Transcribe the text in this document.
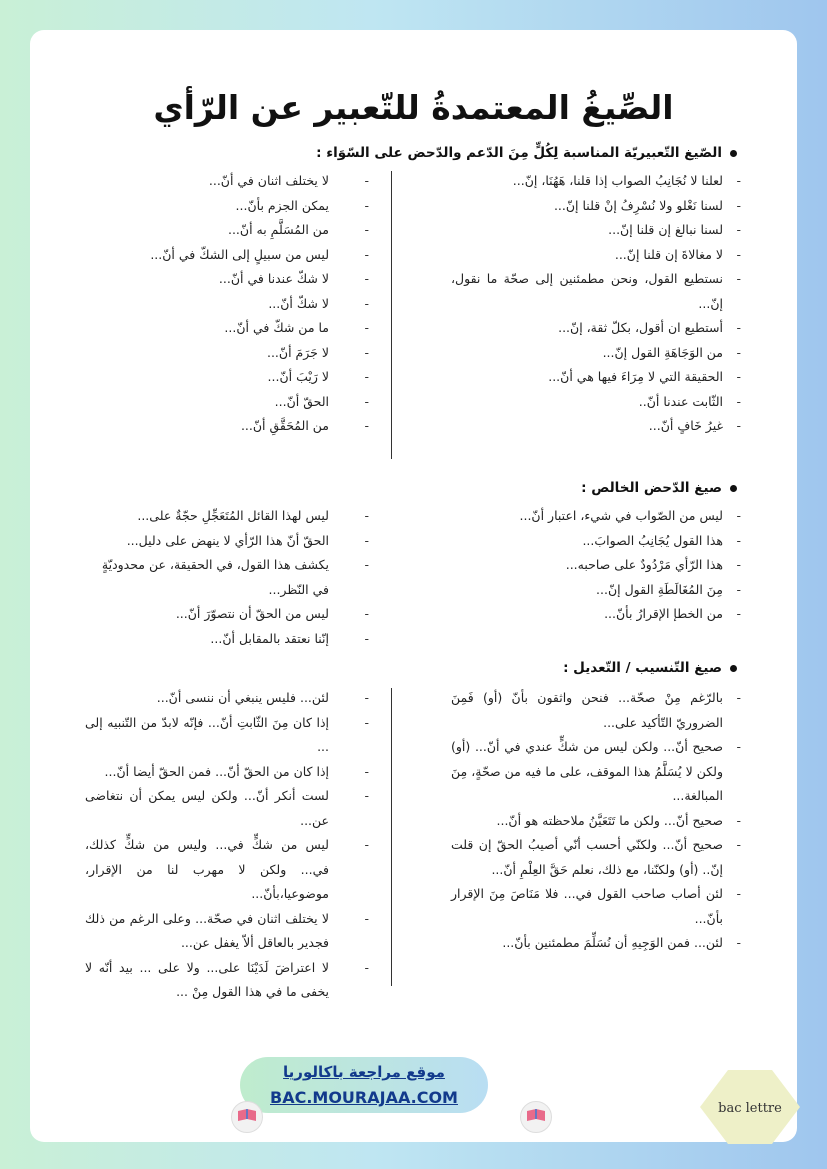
الصِّيغُ المعتمدةُ للتّعبير عن الرّأي
الصّيغ التّعبيريّة المناسبة لِكُلٍّ مِنَ الدّعم والدّحض على السّوَاء :
- لعلنا لا نُجَانِبُ الصواب إذا قلنا، هَهُنَا، إنّ...
- لسنا نَغْلو ولا نُسْرِفُ إنْ قلنا إنّ...
- لسنا نبالغ إن قلنا إنّ...
- لا مغالاةَ إن قلنا إنّ...
- نستطيع القول، ونحن مطمئنين إلى صحّة ما نقول، إنّ...
- أستطيع ان أقول، بكلّ ثقة، إنّ...
- من الوَجَاهَةِ القول إنّ...
- الحقيقة التي لا مِرَاءَ فيها هي أنّ...
- الثّابت عندنا أنّ..
- غيرُ خَافٍ أنّ...
- لا يختلف اثنان في أنّ...
- يمكن الجزم بأنّ...
- من المُسَلَّمِ به أنّ...
- ليس من سبيلٍ إلى الشكّ في أنّ...
- لا شكّ عندنا في أنّ...
- لا شكّ أنّ...
- ما من شكّ في أنّ...
- لا جَرَمَ أنّ...
- لا رَيْبَ أنّ...
- الحقّ أنّ...
- من المُحَقَّقِ أنّ...
صيغ الدّحض الخالص :
- ليس من الصّواب في شيء، اعتبار أنّ...
- هذا القول يُجَانِبُ الصوابَ...
- هذا الرّأي مَرْدُودٌ على صاحبه...
- مِنَ المُغَالَطَةِ القول إنّ...
- من الخطإ الإقرارُ بأنّ...
- ليس لهذا القائل المُتَعَجِّلِ حجّةٌ على...
- الحقّ أنّ هذا الرّأي لا ينهض على دليل...
- يكشف هذا القول، في الحقيقة، عن محدوديّةٍ في النّظر...
- ليس من الحقّ أن نتصوّرَ أنّ...
- إنّنا نعتقد بالمقابل أنّ...
صيغ التّنسيب / التّعديل :
- بالرّغم مِنْ صحّة... فنحن واثقون بأنّ (أو) فَمِنَ الضروريّ التّأكيد على...
- صحيح أنّ... ولكن ليس من شكٍّ عندي في أنّ... (أو) ولكن لا يُسَلَّمُ هذا الموقف، على ما فيه من صحّةٍ، مِنَ المبالغة...
- صحيح أنّ... ولكن ما تَتَعَيَّنُ ملاحظته هو أنّ...
- صحيح أنّ... ولكنّي أحسب أنّي أصيبُ الحقّ إن قلت إنّ.. (أو) ولكنّنا، مع ذلك، نعلم حَقَّ العِلْمِ أنّ...
- لئن أصاب صاحب القول في... فلا مَنَاصَ مِنَ الإقرار بأنّ...
- لئن... فمن الوَجِيهِ أن نُسَلِّمَ مطمئنين بأنّ...
- لئن... فليس ينبغي أن ننسى أنّ...
- إذا كان مِنَ الثّابتِ أنّ... فإنّه لابدّ من التّنبيه إلى ...
- إذا كان من الحقّ أنّ... فمن الحقّ أيضا أنّ...
- لست أنكر أنّ... ولكن ليس يمكن أن نتغاضى عن...
- ليس من شكٍّ في... وليس من شكٍّ كذلك، في... ولكن لا مهرب لنا من الإقرار، موضوعيا،بأنّ...
- لا يختلف اثنان في صحّة... وعلى الرغم من ذلك فجدير بالعاقل ألاّ يغفل عن...
- لا اعتراضَ لَدَيْنَا على... ولا على ... بيد أنّه لا يخفى ما في هذا القول مِنْ ...
موقع مراجعة باكالوريا
BAC.MOURAJAA.COM
bac lettre
